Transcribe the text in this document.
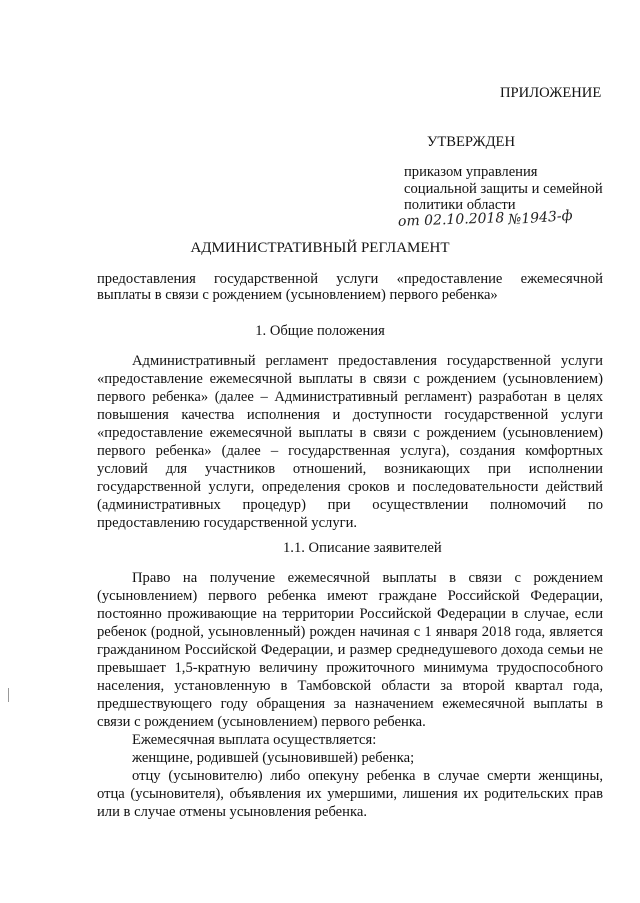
ПРИЛОЖЕНИЕ
УТВЕРЖДЕН
приказом управления
социальной защиты и семейной
политики области
от 02.10.2018 №1943-ф
АДМИНИСТРАТИВНЫЙ РЕГЛАМЕНТ
предоставления государственной услуги «предоставление ежемесячной
выплаты в связи с рождением (усыновлением) первого ребенка»
1. Общие положения
Административный регламент предоставления государственной услуги
«предоставление ежемесячной выплаты в связи с рождением (усыновлением)
первого ребенка» (далее – Административный регламент) разработан в целях
повышения качества исполнения и доступности государственной услуги
«предоставление ежемесячной выплаты в связи с рождением (усыновлением)
первого ребенка» (далее – государственная услуга), создания комфортных
условий для участников отношений, возникающих при исполнении
государственной услуги, определения сроков и последовательности действий
(административных процедур) при осуществлении полномочий по
предоставлению государственной услуги.
1.1. Описание заявителей
Право на получение ежемесячной выплаты в связи с рождением
(усыновлением) первого ребенка имеют граждане Российской Федерации,
постоянно проживающие на территории Российской Федерации в случае, если
ребенок (родной, усыновленный) рожден начиная с 1 января 2018 года, является
гражданином Российской Федерации, и размер среднедушевого дохода семьи не
превышает 1,5-кратную величину прожиточного минимума трудоспособного
населения, установленную в Тамбовской области за второй квартал года,
предшествующего году обращения за назначением ежемесячной выплаты в
связи с рождением (усыновлением) первого ребенка.
Ежемесячная выплата осуществляется:
женщине, родившей (усыновившей) ребенка;
отцу (усыновителю) либо опекуну ребенка в случае смерти женщины,
отца (усыновителя), объявления их умершими, лишения их родительских прав
или в случае отмены усыновления ребенка.
